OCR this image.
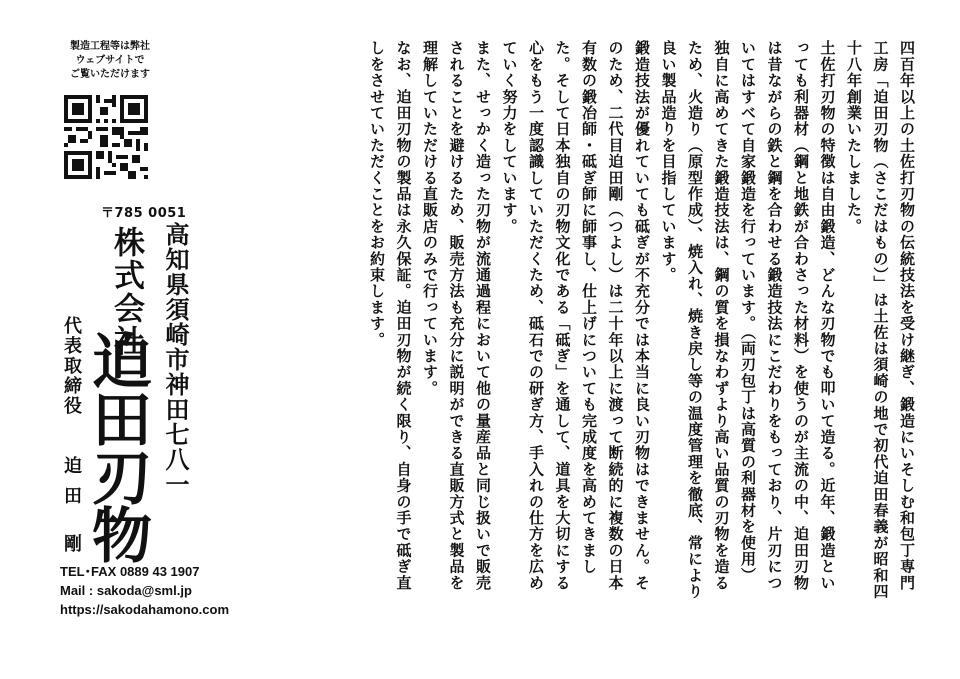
製造工程等は弊社
ウェブサイトで
ご覧いただけます
〒785 0051
高知県須崎市神田七八一
株式会社
迫田刃物
代表取締役
迫田 剛
TEL･FAX 0889 43 1907
Mail : sakoda@sml.jp
https://sakodahamono.com

四百年以上の土佐打刃物の伝統技法を受け継ぎ、鍛造にいそしむ和包丁専門工房「迫田刃物（さこだはもの）」は土佐は須崎の地で初代迫田春義が昭和四十八年創業いたしました。

土佐打刃物の特徴は自由鍛造、どんな刃物でも叩いて造る。近年、鍛造といっても利器材（鋼と地鉄が合わさった材料）を使うのが主流の中、迫田刃物は昔ながらの鉄と鋼を合わせる鍛造技法にこだわりをもっており、片刃についてはすべて自家鍛造を行っています。（両刃包丁は高質の利器材を使用）

独自に高めてきた鍛造技法は、鋼の質を損なわずより高い品質の刃物を造るため、火造り（原型作成）、焼入れ、焼き戻し等の温度管理を徹底、常により良い製品造りを目指しています。

鍛造技法が優れていても砥ぎが不充分では本当に良い刃物はできません。そのため、二代目迫田剛（つよし）は二十年以上に渡って断続的に複数の日本有数の鍛冶師・砥ぎ師に師事し、仕上げについても完成度を高めてきました。そして日本独自の刃物文化である「砥ぎ」を通して、道具を大切にする心をもう一度認識していただくため、砥石での研ぎ方、手入れの仕方を広めていく努力をしています。

また、せっかく造った刃物が流通過程において他の量産品と同じ扱いで販売されることを避けるため、販売方法も充分に説明ができる直販方式と製品を理解していただける直販店のみで行っています。

なお、迫田刃物の製品は永久保証。迫田刃物が続く限り、自身の手で砥ぎ直しをさせていただくことをお約束します。
